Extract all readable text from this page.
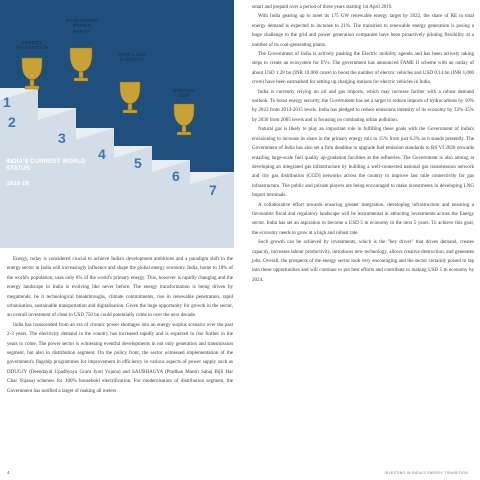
ENERGY
PRODUCTION
PURCHASING
POWER
PARITY
INSTALLED
CAPACITY
NOMINAL
GDP
1
2
3
4
5
6
7
INDIA'S CURRENT WORLD STATUS
(2018-19)

Energy, today is considered crucial to achieve India's development ambitions and a paradigm shift in the energy sector in India will increasingly influence and shape the global energy economy. India, home to 18% of the world's population, uses only 6% of the world's primary energy. This, however is rapidly changing and the energy landscape in India is evolving like never before. The energy transformation is being driven by megatrends; be it technological breakthroughs, climate commitments, rise in renewable penetration, rapid urbanisation, sustainable transportation and digitalisation. Given the huge opportunity for growth in the sector, an overall investment of close to USD 750 bn could potentially come in over the next decade.

India has transcended from an era of chronic power shortages into an energy surplus scenario over the past 2-3 years. The electricity demand in the country has increased rapidly and is expected to rise further in the years to come. The power sector is witnessing eventful developments in not only generation and transmission segment, but also in distribution segment. On the policy front, the sector witnessed implementation of the government's flagship programmes for improvement in efficiency in various aspects of power supply such as DDUGJY (Deendayal Upadhyaya Gram Jyoti Yojana) and SAUBHAGYA (Pradhan Mantri Sahaj Bijli Har Ghar Yojana) schemes for 100% household electrification. For modernisation of distribution segment, the Government has notified a target of making all meters

smart and prepaid over a period of three years starting 1st April 2019.

With India gearing up to meet its 175 GW renewable energy target by 2022, the share of RE in total energy demand is expected to increase to 21%. The transition to renewable energy generation is posing a huge challenge to the grid and power generation companies have been proactively piloting flexibility at a number of its coal-generating plants.

The Government of India is actively pushing the Electric mobility agenda and has been actively taking steps to create an ecosystem for EVs. The government has announced FAME II scheme with an outlay of about USD 1.28 bn (INR 10,000 crore) to boost the number of electric vehicles and USD 0.14 bn (INR 1,000 crore) have been earmarked for setting up charging stations for electric vehicles in India.

India is currently relying on oil and gas imports, which may increase further with a robust demand outlook. To boost energy security, the Government has set a target to reduce imports of hydrocarbons by 10% by 2022 from 2014-2015 levels. India has pledged to reduce emissions intensity of its economy by 33%-35% by 2030 from 2005 levels and is focusing on combating urban pollution.

Natural gas is likely to play an important role in fulfilling these goals with the Government of India's envisioning to increase its share in the primary energy mix to 15% from just 6.2% as it stands presently. The Government of India has also set a firm deadline to upgrade fuel emission standards to BS VI 2020 onwards entailing large-scale fuel quality up-gradation facilities at the refineries. The Government is also aiming at developing an integrated gas infrastructure by building a well-connected national gas transmission network and city gas distribution (CGD) networks across the country to improve last mile connectivity for gas infrastructure. The public and private players are being encouraged to make investments in developing LNG import terminals.

A collaborative effort towards ensuring greater integration, developing infrastructure and ensuring a favourable fiscal and regulatory landscape will be instrumental in attracting investments across the Energy sector. India has set an aspiration to become a USD 5 tn economy in the next 5 years. To achieve this goal, the economy needs to grow at a high and robust rate.

Such growth can be achieved by investments, which is the "key driver" that drives demand, creates capacity, increases labour productivity, introduces new technology, allows creative destruction, and generates jobs. Overall, the prospects of the energy sector look very encouraging and the sector certainly poised to tap into these opportunities and will continue to put best efforts and contribute to making USD 5 tn economy by 2024.

4	INVESTING IN INDIA'S ENERGY TRANSITION
